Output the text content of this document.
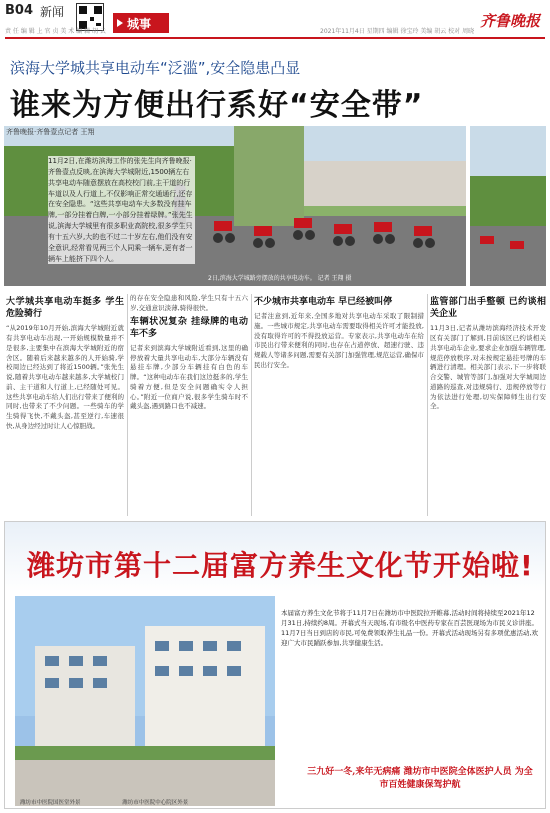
B04 新闻
城事
责 任 编 辑 上 官 贞 美 术 编 辑 胡 云	2021年11月4日 星期四 编辑 徐宝玲 美编 胡云 校对 周晓
齐鲁晚报
滨海大学城共享电动车“泛滥”,安全隐患凸显
谁来为方便出行系好“安全带”
2日,滨海大学城路旁摆放的共享电动车。 记者 王翔 摄
齐鲁晚报·齐鲁壹点记者 王翔
11月2日,在潍坊滨海工作的张先生向齐鲁晚报·齐鲁壹点反映,在滨海大学城附近,1500辆左右共享电动车随意摆放在高校校门前,主干道的行车道以及人行道上,不仅影响正常交通通行,还存在安全隐患。“这些共享电动车大多数没有挂车牌,一部分挂着白牌,一小部分挂着绿牌。”张先生说,滨海大学城里有很多职业高院校,很多学生只有十五六岁,大的也不过二十岁左右,他们没有安全意识,经常看见两三个人同乘一辆车,更有者一辆车上能挤下四个人。
大学城共享电动车挺多 学生危险骑行
“从2019年10月开始,滨海大学城附近就有共享电动车出现,一开始规模数量并不是很多,主要集中在滨海大学城附近的宿舍区。随着后来越来越多的人开始骑,学校周边已经达到了将近1500辆。”张先生说,随着共享电动车越来越多,大学城校门前、主干道和人行道上,已经随处可见。这些共享电动车给人们出行带来了便利的同时,也带来了不少问题。一些骑车的学生骑得飞快,不戴头盔,甚至逆行,车速很快,从身边经过时让人心惊胆战。
的存在安全隐患和风险,学生只有十五六岁,交通意识淡薄,骑得很快。
车辆状况复杂 挂绿牌的电动车不多
记者来到滨海大学城附近看到,这里的确停放着大量共享电动车,大部分车辆没有悬挂车牌,少部分车辆挂有白色的车牌。“这种电动车在我们这边挺多的,学生骑着方便,但是安全问题确实令人担心。”附近一位商户说,很多学生骑车时不戴头盔,遇到路口也不减速。
不少城市共享电动车 早已经被叫停
记者注意到,近年来,全国多地对共享电动车采取了限制措施。一些城市规定,共享电动车需要取得相关许可才能投放,没有取得许可的不得投放运营。专家表示,共享电动车在给市民出行带来便利的同时,也存在占道停放、超速行驶、违规载人等诸多问题,需要有关部门加强管理,规范运营,确保市民出行安全。
监管部门出手整顿 已约谈相关企业
11月3日,记者从潍坊滨海经济技术开发区有关部门了解到,目前该区已约谈相关共享电动车企业,要求企业加强车辆管理,规范停放秩序,对未按规定悬挂号牌的车辆进行清理。相关部门表示,下一步将联合交警、城管等部门,加强对大学城周边道路的巡查,对违规骑行、违规停放等行为依法进行处理,切实保障师生出行安全。
潍坊市第十二届富方养生文化节开始啦!
本届富方养生文化节将于11月7日在潍坊市中医院拉开帷幕,活动时间将持续至2021年12月31日,持续约8周。开幕式当天现场,有市级名中医药专家在百芸医现场为市民义诊讲座。11月7日当日到店的市民,可免费领取养生礼品一份。开幕式活动现场另有多项优惠活动,欢迎广大市民踊跃参加,共享健康生活。
三九好一冬,来年无病痛 潍坊市中医院全体医护人员 为全市百姓健康保驾护航
潍坊市中医院国医堂外景	潍坊市中医院中心院区外景
